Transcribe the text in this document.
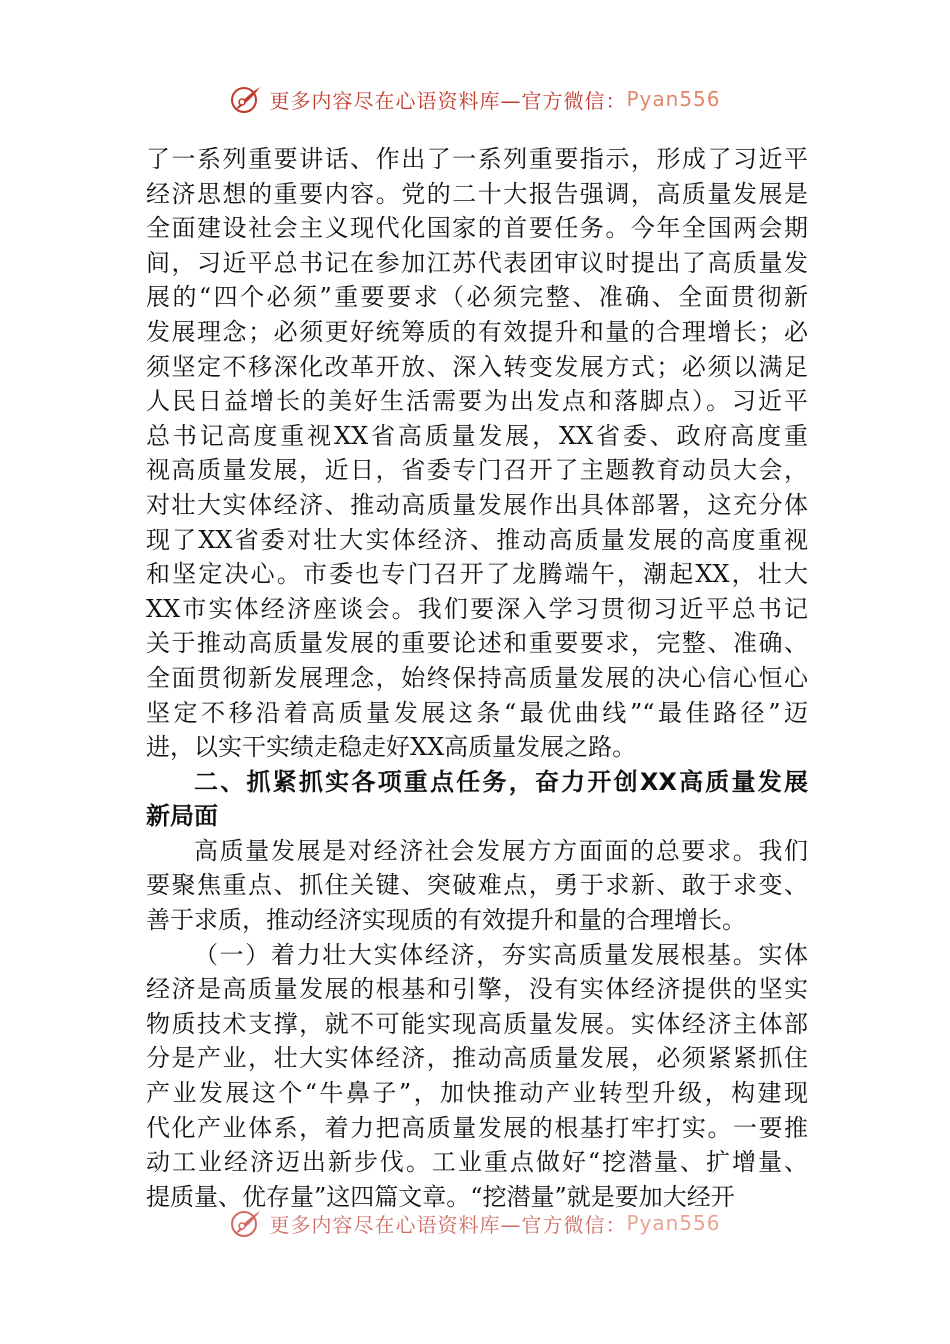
更多内容尽在心语资料库—官方微信： Pyan556
了一系列重要讲话、作出了一系列重要指示，形成了习近平
经济思想的重要内容。党的二十大报告强调，高质量发展是
全面建设社会主义现代化国家的首要任务。今年全国两会期
间，习近平总书记在参加江苏代表团审议时提出了高质量发
展的“四个必须”重要要求（必须完整、准确、全面贯彻新
发展理念；必须更好统筹质的有效提升和量的合理增长；必
须坚定不移深化改革开放、深入转变发展方式；必须以满足
人民日益增长的美好生活需要为出发点和落脚点）。习近平
总书记高度重视XX省高质量发展，XX省委、政府高度重
视高质量发展，近日，省委专门召开了主题教育动员大会，
对壮大实体经济、推动高质量发展作出具体部署，这充分体
现了XX省委对壮大实体经济、推动高质量发展的高度重视
和坚定决心。市委也专门召开了龙腾端午，潮起XX，壮大
XX市实体经济座谈会。我们要深入学习贯彻习近平总书记
关于推动高质量发展的重要论述和重要要求，完整、准确、
全面贯彻新发展理念，始终保持高质量发展的决心信心恒心
坚定不移沿着高质量发展这条“最优曲线”“最佳路径”迈
进，以实干实绩走稳走好XX高质量发展之路。
二、抓紧抓实各项重点任务，奋力开创XX高质量发展
新局面
高质量发展是对经济社会发展方方面面的总要求。我们
要聚焦重点、抓住关键、突破难点，勇于求新、敢于求变、
善于求质，推动经济实现质的有效提升和量的合理增长。
（一）着力壮大实体经济，夯实高质量发展根基。实体
经济是高质量发展的根基和引擎，没有实体经济提供的坚实
物质技术支撑，就不可能实现高质量发展。实体经济主体部
分是产业，壮大实体经济，推动高质量发展，必须紧紧抓住
产业发展这个“牛鼻子”，加快推动产业转型升级，构建现
代化产业体系，着力把高质量发展的根基打牢打实。一要推
动工业经济迈出新步伐。工业重点做好“挖潜量、扩增量、
提质量、优存量”这四篇文章。“挖潜量”就是要加大经开
更多内容尽在心语资料库—官方微信： Pyan556
